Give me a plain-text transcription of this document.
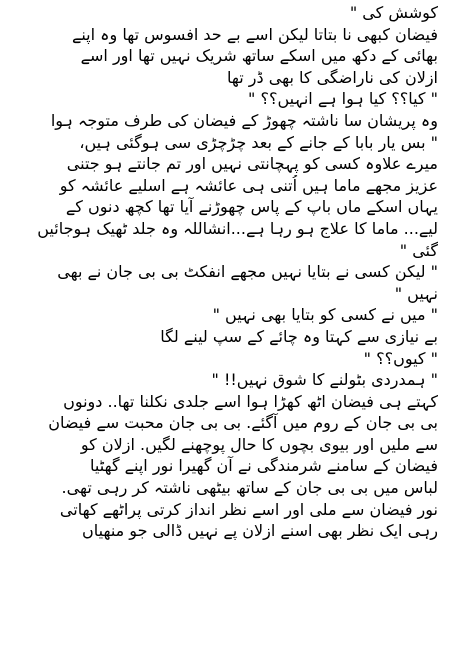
کوشش کی "
فیضان کبھی نا بتاتا لیکن اسے بے حد افسوس تھا وہ اپنے
بھائی کے دکھ میں اسکے ساتھ شریک نہیں تھا اور اسے
ازلان کی ناراضگی کا بھی ڈر تھا
" کیا؟؟ کیا ہوا ہے انہیں؟؟ "
وہ پریشان سا ناشتہ چھوڑ کے فیضان کی طرف متوجہ ہوا
" بس یار بابا کے جانے کے بعد چڑچڑی سی ہوگئی ہیں،
میرے علاوہ کسی کو پہچانتی نہیں اور تم جانتے ہو جتنی
عزیز مجھے ماما ہیں اُتنی ہی عائشہ ہے اسلیے عائشہ کو
یہاں اسکے ماں باپ کے پاس چھوڑنے آیا تھا کچھ دنوں کے
لیے... ماما کا علاج ہو رہا ہے...انشاللہ وہ جلد ٹھیک ہوجائیں
گئی "
" لیکن کسی نے بتایا نہیں مجھے انفکٹ بی بی جان نے بھی
نہیں "
" میں نے کسی کو بتایا بھی نہیں "
بے نیازی سے کہتا وہ چائے کے سپ لینے لگا
" کیوں؟؟ "
" ہمدردی بٹولنے کا شوق نہیں!! "
کہتے ہی فیضان اٹھ کھڑا ہوا اسے جلدی نکلنا تھا.. دونوں
بی بی جان کے روم میں آگئے. بی بی جان محبت سے فیضان
سے ملیں اور بیوی بچوں کا حال پوچھنے لگیں. ازلان کو
فیضان کے سامنے شرمندگی نے آن گھیرا نور اپنے گھٹیا
لباس میں بی بی جان کے ساتھ بیٹھی ناشتہ کر رہی تھی.
نور فیضان سے ملی اور اسے نظر انداز کرتی پراٹھے کھاتی
رہی ایک نظر بھی اسنے ازلان پے نہیں ڈالی جو منھیاں
